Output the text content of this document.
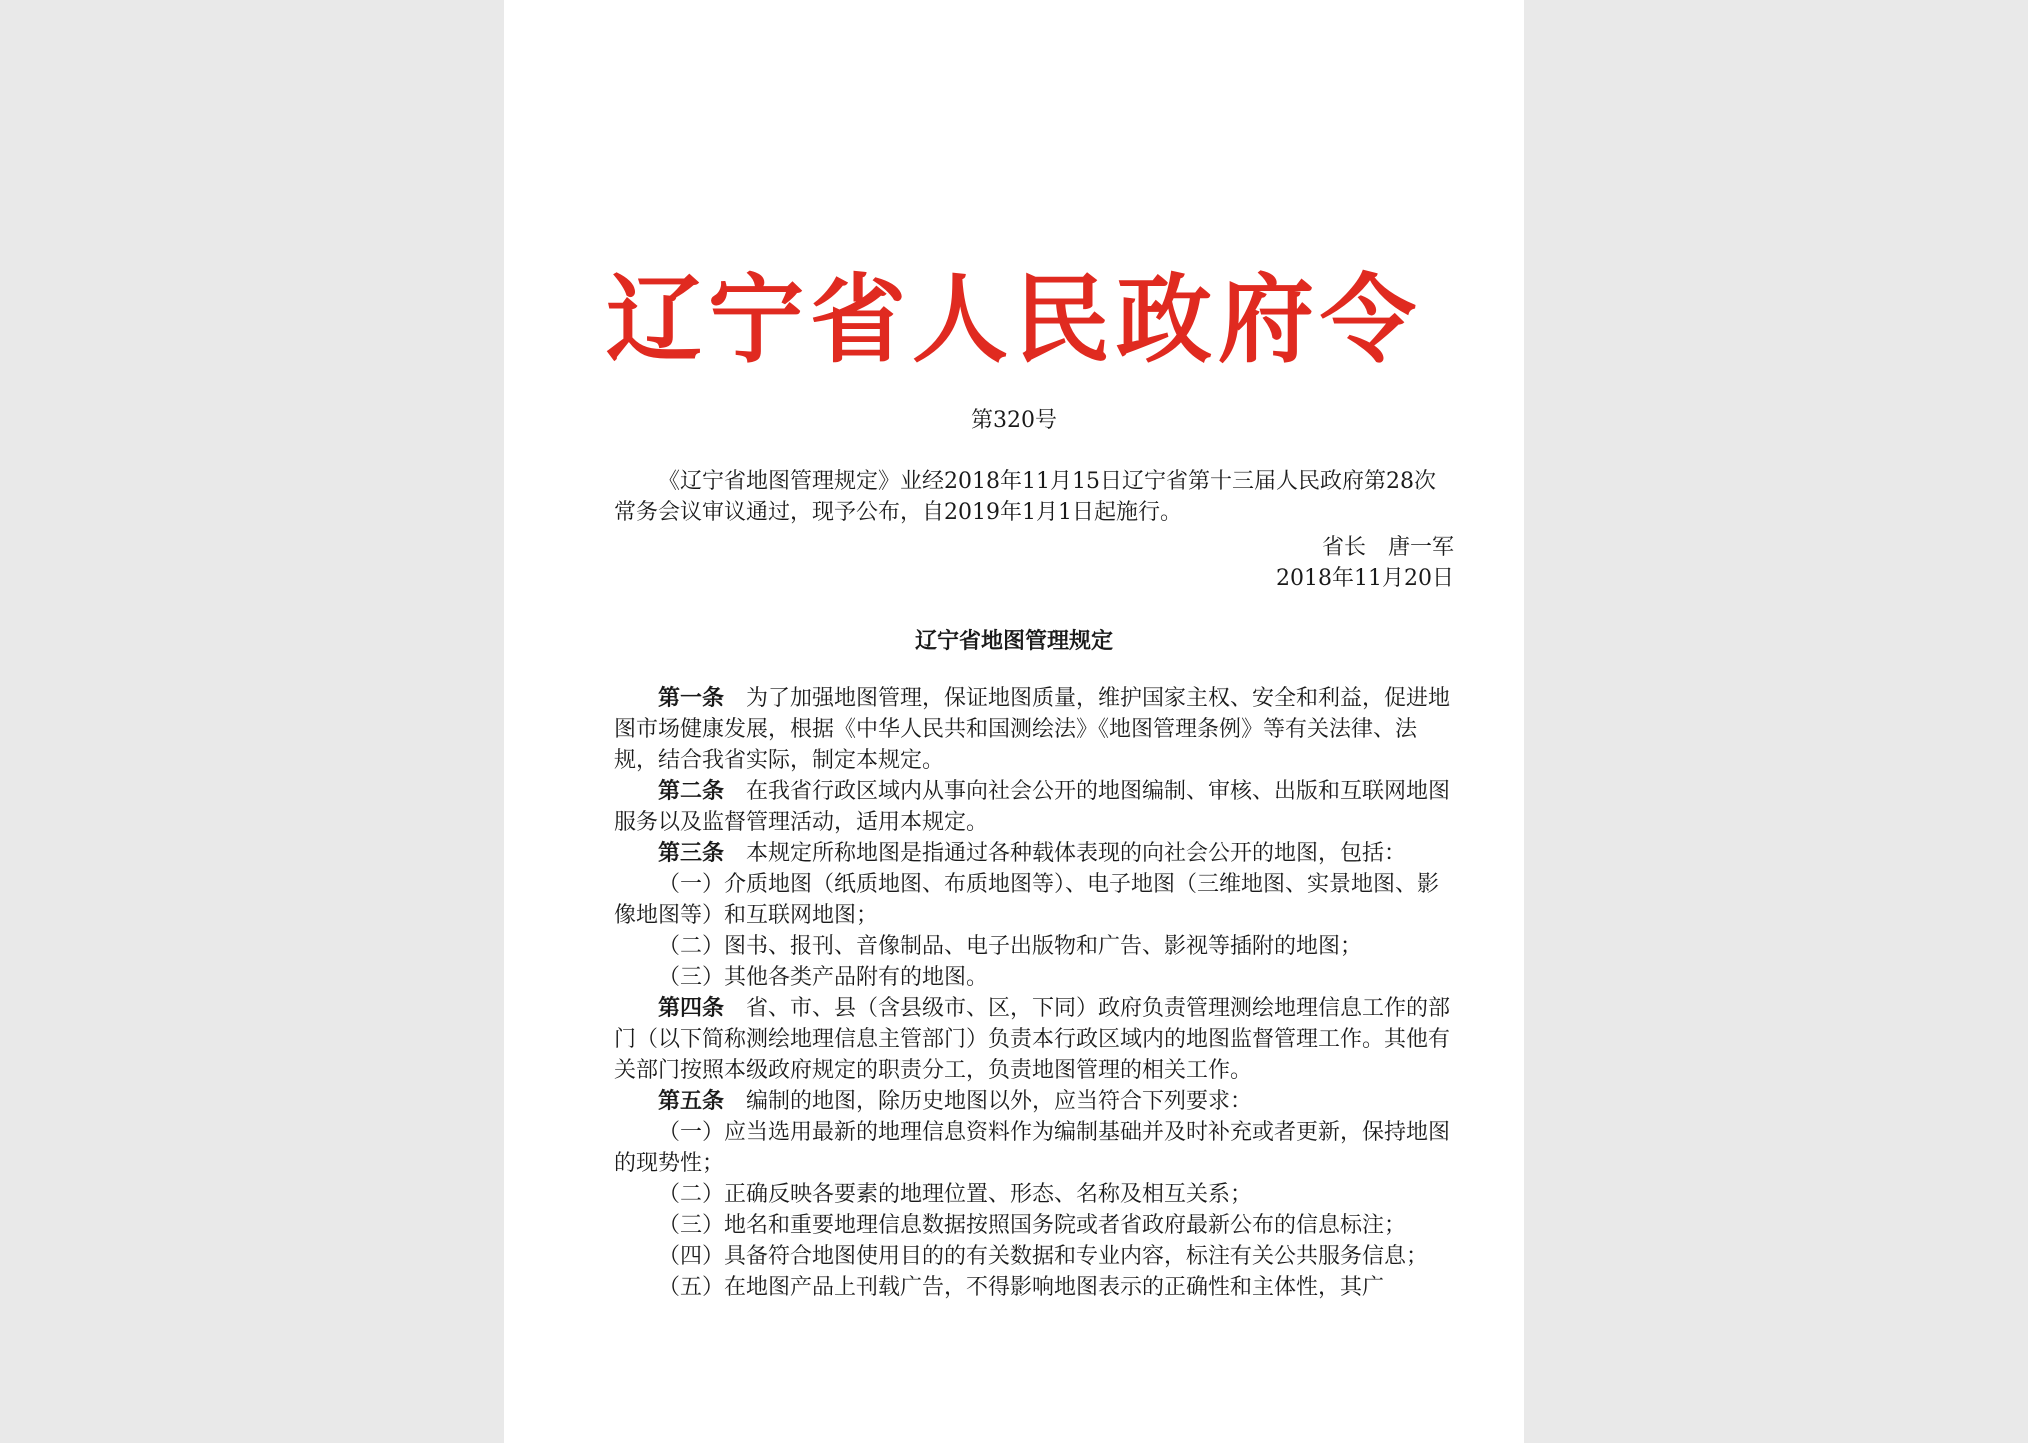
辽宁省人民政府令
第320号
《辽宁省地图管理规定》业经2018年11月15日辽宁省第十三届人民政府第28次常务会议审议通过，现予公布，自2019年1月1日起施行。
省长　唐一军
2018年11月20日
辽宁省地图管理规定

第一条 为了加强地图管理，保证地图质量，维护国家主权、安全和利益，促进地图市场健康发展，根据《中华人民共和国测绘法》《地图管理条例》等有关法律、法规，结合我省实际，制定本规定。

第二条 在我省行政区域内从事向社会公开的地图编制、审核、出版和互联网地图服务以及监督管理活动，适用本规定。

第三条 本规定所称地图是指通过各种载体表现的向社会公开的地图，包括：

（一）介质地图（纸质地图、布质地图等）、电子地图（三维地图、实景地图、影像地图等）和互联网地图；

（二）图书、报刊、音像制品、电子出版物和广告、影视等插附的地图；

（三）其他各类产品附有的地图。

第四条 省、市、县（含县级市、区，下同）政府负责管理测绘地理信息工作的部门（以下简称测绘地理信息主管部门）负责本行政区域内的地图监督管理工作。其他有关部门按照本级政府规定的职责分工，负责地图管理的相关工作。

第五条 编制的地图，除历史地图以外，应当符合下列要求：

（一）应当选用最新的地理信息资料作为编制基础并及时补充或者更新，保持地图的现势性；

（二）正确反映各要素的地理位置、形态、名称及相互关系；

（三）地名和重要地理信息数据按照国务院或者省政府最新公布的信息标注；

（四）具备符合地图使用目的的有关数据和专业内容，标注有关公共服务信息；

（五）在地图产品上刊载广告，不得影响地图表示的正确性和主体性，其广
